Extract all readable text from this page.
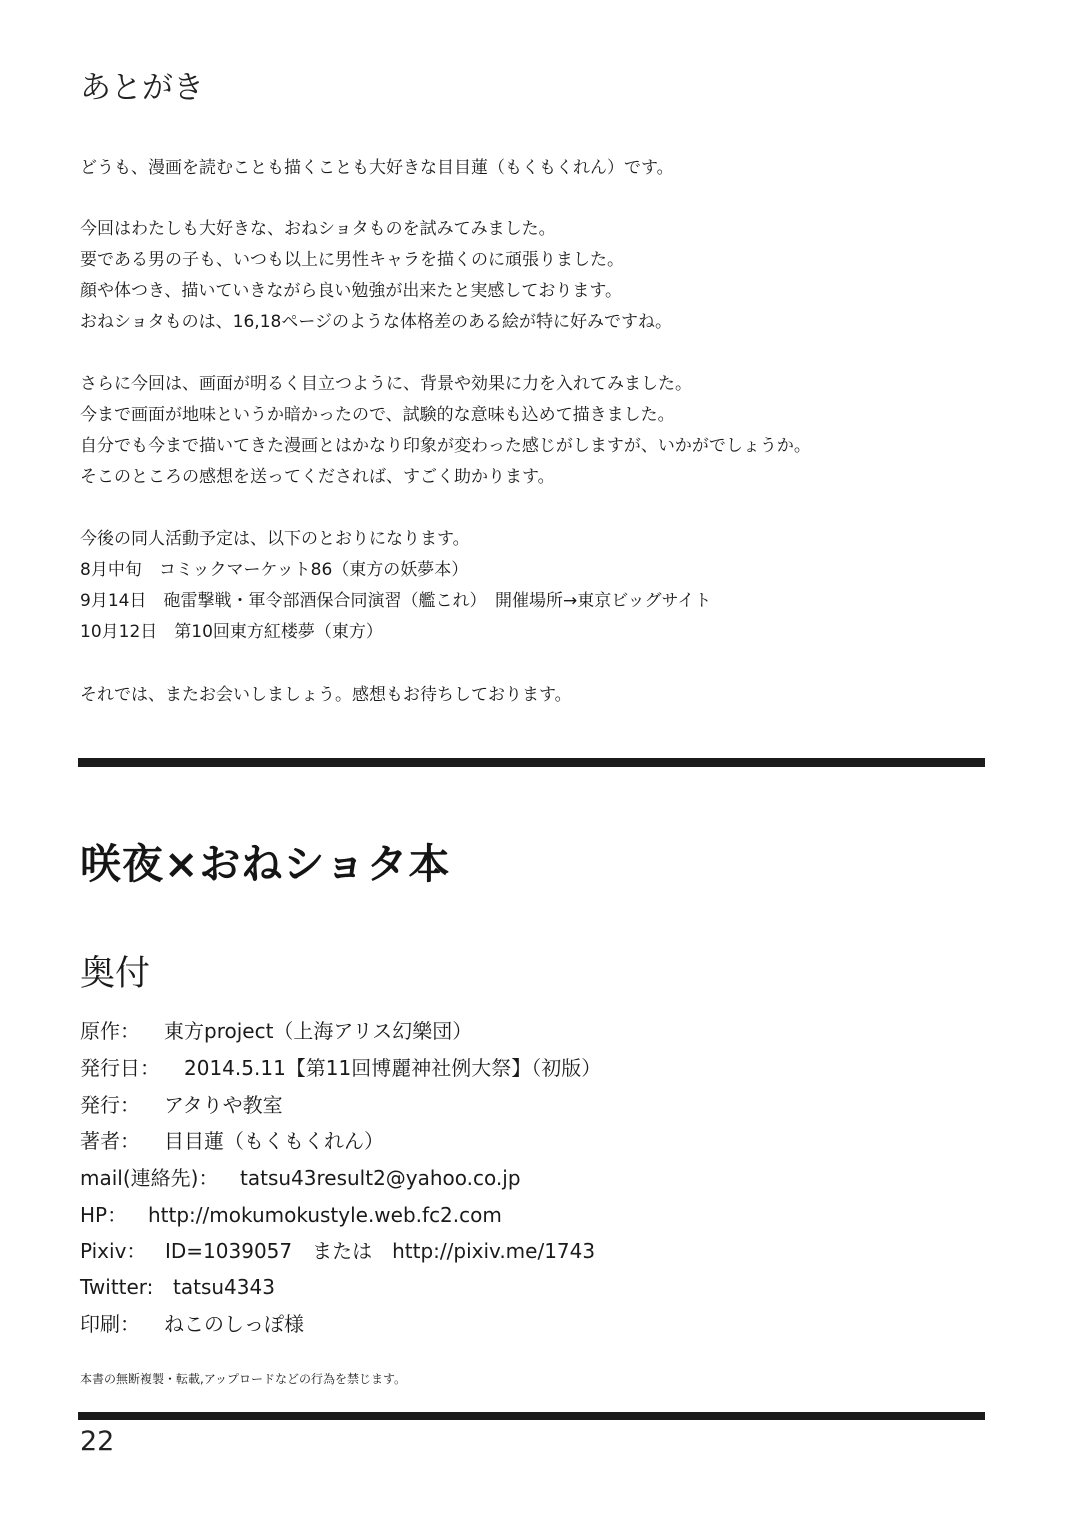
あとがき
どうも、漫画を読むことも描くことも大好きな目目蓮（もくもくれん）です。
今回はわたしも大好きな、おねショタものを試みてみました。
要である男の子も、いつも以上に男性キャラを描くのに頑張りました。
顔や体つき、描いていきながら良い勉強が出来たと実感しております。
おねショタものは、16,18ページのような体格差のある絵が特に好みですね。
さらに今回は、画面が明るく目立つように、背景や効果に力を入れてみました。
今まで画面が地味というか暗かったので、試験的な意味も込めて描きました。
自分でも今まで描いてきた漫画とはかなり印象が変わった感じがしますが、いかがでしょうか。
そこのところの感想を送ってくだされば、すごく助かります。
今後の同人活動予定は、以下のとおりになります。
8月中旬　コミックマーケット86（東方の妖夢本）
9月14日　砲雷撃戦・軍令部酒保合同演習（艦これ）　開催場所→東京ビッグサイト
10月12日　第10回東方紅楼夢（東方）
それでは、またお会いしましょう。感想もお待ちしております。
咲夜×おねショタ本
奥付
原作： 東方project（上海アリス幻樂団）
発行日： 2014.5.11【第11回博麗神社例大祭】（初版）
発行： アタりや教室
著者： 目目蓮（もくもくれん）
mail(連絡先)： tatsu43result2@yahoo.co.jp
HP： http://mokumokustyle.web.fc2.com
Pixiv： ID=1039057　または　http://pixiv.me/1743
Twitter: tatsu4343
印刷： ねこのしっぽ様
本書の無断複製・転載,アップロードなどの行為を禁じます。
22
